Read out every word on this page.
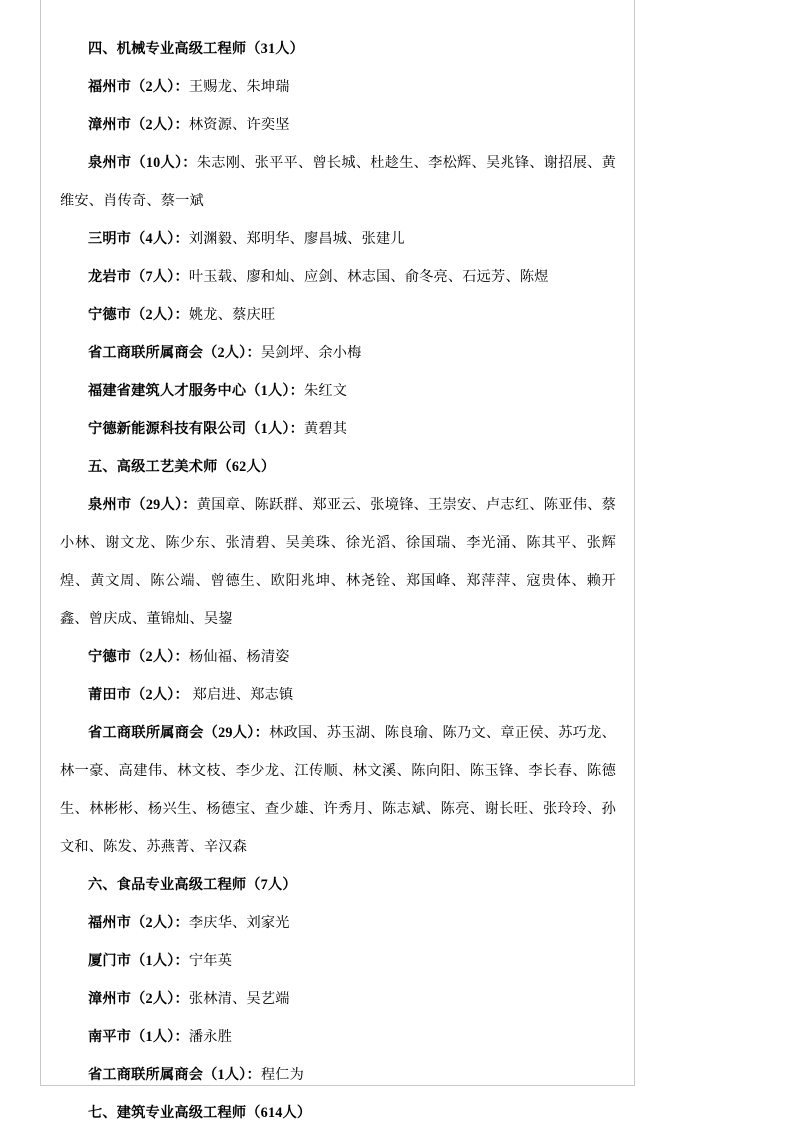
四、机械专业高级工程师（31人）

福州市（2人）：王赐龙、朱坤瑞

漳州市（2人）：林资源、许奕坚

泉州市（10人）：朱志刚、张平平、曾长城、杜趁生、李松辉、吴兆锋、谢招展、黄维安、肖传奇、蔡一斌

三明市（4人）：刘渊毅、郑明华、廖昌城、张建儿

龙岩市（7人）：叶玉载、廖和灿、应剑、林志国、俞冬亮、石远芳、陈煜

宁德市（2人）：姚龙、蔡庆旺

省工商联所属商会（2人）：吴剑坪、余小梅

福建省建筑人才服务中心（1人）：朱红文

宁德新能源科技有限公司（1人）：黄碧其

五、高级工艺美术师（62人）

泉州市（29人）：黄国章、陈跃群、郑亚云、张境锋、王崇安、卢志红、陈亚伟、蔡小林、谢文龙、陈少东、张清碧、吴美珠、徐光滔、徐国瑞、李光涌、陈其平、张辉煌、黄文周、陈公端、曾德生、欧阳兆坤、林尧铨、郑国峰、郑萍萍、寇贵体、赖开鑫、曾庆成、董锦灿、吴鋆

宁德市（2人）：杨仙福、杨清姿

莆田市（2人）： 郑启进、郑志镇

省工商联所属商会（29人）：林政国、苏玉湖、陈良瑜、陈乃文、章正侯、苏巧龙、林一豪、高建伟、林文枝、李少龙、江传顺、林文溪、陈向阳、陈玉锋、李长春、陈德生、林彬彬、杨兴生、杨德宝、查少雄、许秀月、陈志斌、陈亮、谢长旺、张玲玲、孙文和、陈发、苏燕菁、辛汉森

六、食品专业高级工程师（7人）

福州市（2人）：李庆华、刘家光

厦门市（1人）：宁年英

漳州市（2人）：张林清、吴艺端

南平市（1人）：潘永胜

省工商联所属商会（1人）：程仁为

七、建筑专业高级工程师（614人）
